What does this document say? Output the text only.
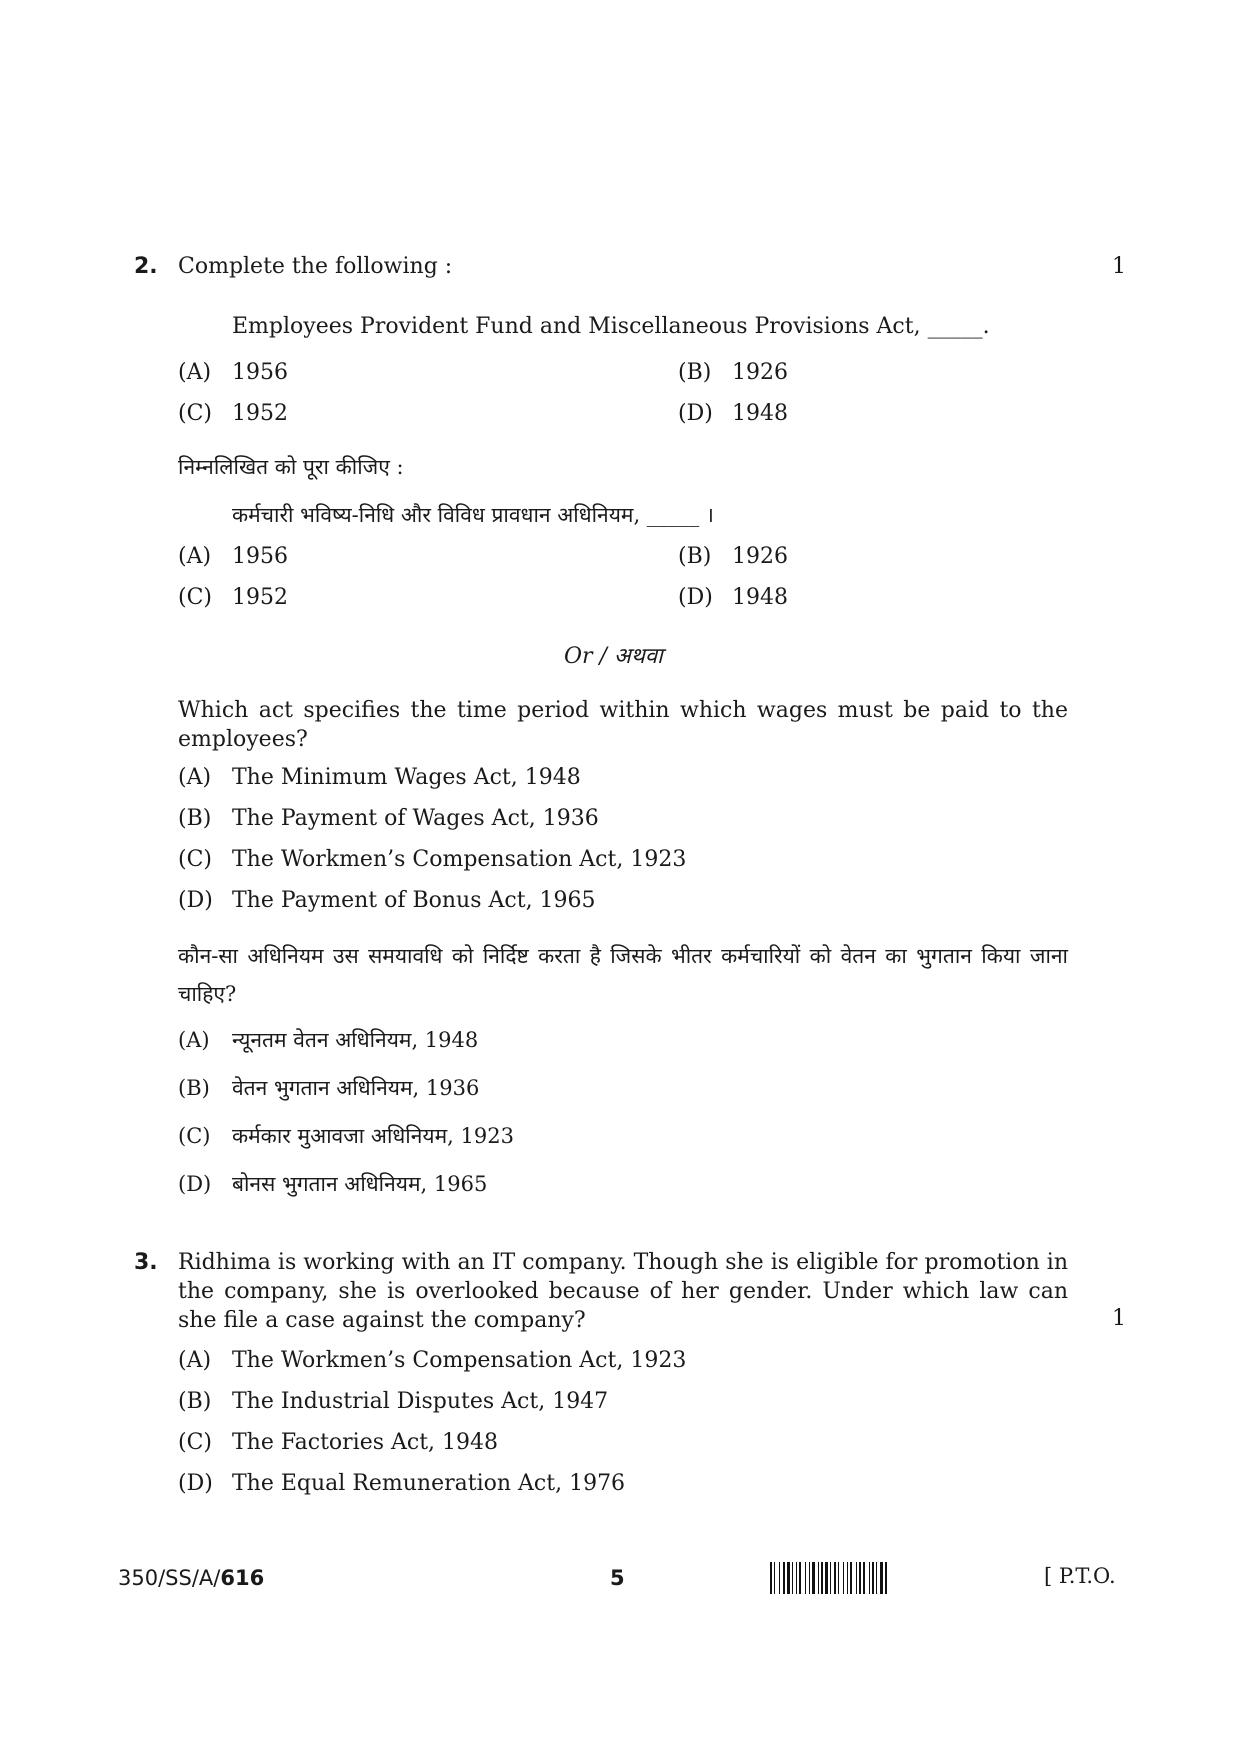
2. Complete the following :	1
Employees Provident Fund and Miscellaneous Provisions Act, _____.
(A) 1956	(B) 1926
(C) 1952	(D) 1948
निम्नलिखित को पूरा कीजिए :
कर्मचारी भविष्य-निधि और विविध प्रावधान अधिनियम, _____ ।
(A) 1956	(B) 1926
(C) 1952	(D) 1948
Or / अथवा
Which act specifies the time period within which wages must be paid to the employees?
(A) The Minimum Wages Act, 1948
(B) The Payment of Wages Act, 1936
(C) The Workmen’s Compensation Act, 1923
(D) The Payment of Bonus Act, 1965
कौन-सा अधिनियम उस समयावधि को निर्दिष्ट करता है जिसके भीतर कर्मचारियों को वेतन का भुगतान किया जाना चाहिए?
(A) न्यूनतम वेतन अधिनियम, 1948
(B) वेतन भुगतान अधिनियम, 1936
(C) कर्मकार मुआवजा अधिनियम, 1923
(D) बोनस भुगतान अधिनियम, 1965
3. Ridhima is working with an IT company. Though she is eligible for promotion in the company, she is overlooked because of her gender. Under which law can she file a case against the company?	1
(A) The Workmen’s Compensation Act, 1923
(B) The Industrial Disputes Act, 1947
(C) The Factories Act, 1948
(D) The Equal Remuneration Act, 1976
350/SS/A/616	5	[ P.T.O.
